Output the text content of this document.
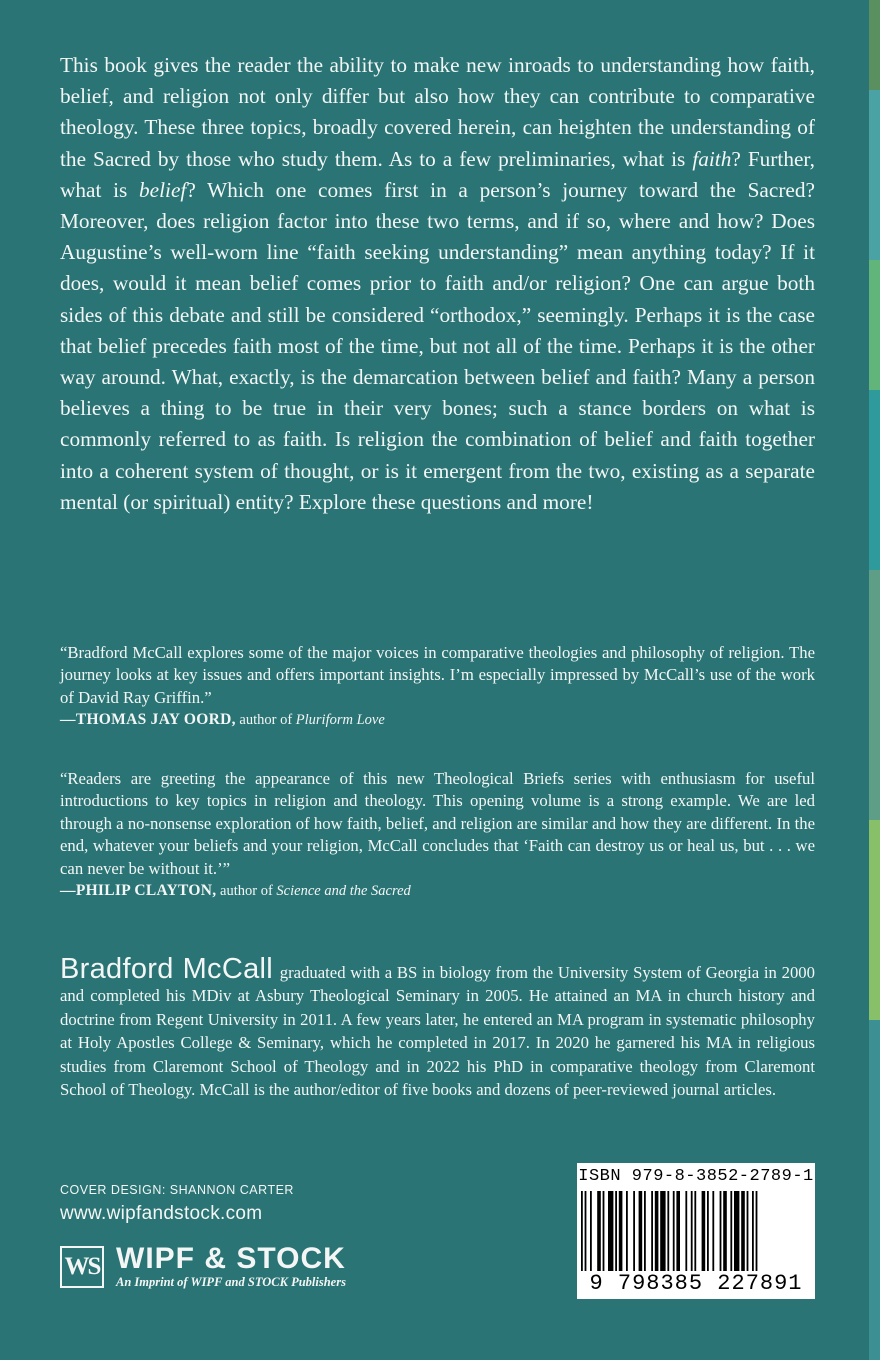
This book gives the reader the ability to make new inroads to understanding how faith, belief, and religion not only differ but also how they can contribute to comparative theology. These three topics, broadly covered herein, can heighten the understanding of the Sacred by those who study them. As to a few preliminaries, what is faith? Further, what is belief? Which one comes first in a person’s journey toward the Sacred? Moreover, does religion factor into these two terms, and if so, where and how? Does Augustine’s well-worn line “faith seeking understanding” mean anything today? If it does, would it mean belief comes prior to faith and/or religion? One can argue both sides of this debate and still be considered “orthodox,” seemingly. Perhaps it is the case that belief precedes faith most of the time, but not all of the time. Perhaps it is the other way around. What, exactly, is the demarcation between belief and faith? Many a person believes a thing to be true in their very bones; such a stance borders on what is commonly referred to as faith. Is religion the combination of belief and faith together into a coherent system of thought, or is it emergent from the two, existing as a separate mental (or spiritual) entity? Explore these questions and more!

“Bradford McCall explores some of the major voices in comparative theologies and philosophy of religion. The journey looks at key issues and offers important insights. I’m especially impressed by McCall’s use of the work of David Ray Griffin.”
—THOMAS JAY OORD, author of Pluriform Love

“Readers are greeting the appearance of this new Theological Briefs series with enthusiasm for useful introductions to key topics in religion and theology. This opening volume is a strong example. We are led through a no-nonsense exploration of how faith, belief, and religion are similar and how they are different. In the end, whatever your beliefs and your religion, McCall concludes that ‘Faith can destroy us or heal us, but . . . we can never be without it.’”
—PHILIP CLAYTON, author of Science and the Sacred

Bradford McCall graduated with a BS in biology from the University System of Georgia in 2000 and completed his MDiv at Asbury Theological Seminary in 2005. He attained an MA in church history and doctrine from Regent University in 2011. A few years later, he entered an MA program in systematic philosophy at Holy Apostles College & Seminary, which he completed in 2017. In 2020 he garnered his MA in religious studies from Claremont School of Theology and in 2022 his PhD in comparative theology from Claremont School of Theology. McCall is the author/editor of five books and dozens of peer-reviewed journal articles.

COVER DESIGN: SHANNON CARTER
www.wipfandstock.com
WS WIPF & STOCK
An Imprint of WIPF and STOCK Publishers
ISBN 979-8-3852-2789-1
9 798385 227891
